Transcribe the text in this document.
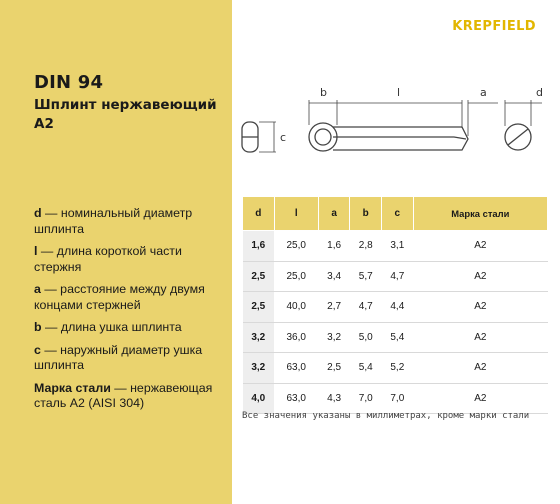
DIN 94
Шплинт нержавеющий А2
d — номинальный диаметр шплинта
l — длина короткой части стержня
a — расстояние между двумя концами стержней
b — длина ушка шплинта
c — наружный диаметр ушка шплинта
Марка стали — нержавеющая сталь А2 (AISI 304)
KREPFIELD
c
b	l	a	d
d	l	a	b	c	Марка стали
1,6	25,0	1,6	2,8	3,1	А2
2,5	25,0	3,4	5,7	4,7	А2
2,5	40,0	2,7	4,7	4,4	А2
3,2	36,0	3,2	5,0	5,4	А2
3,2	63,0	2,5	5,4	5,2	А2
4,0	63,0	4,3	7,0	7,0	А2
Все значения указаны в миллиметрах, кроме марки стали
